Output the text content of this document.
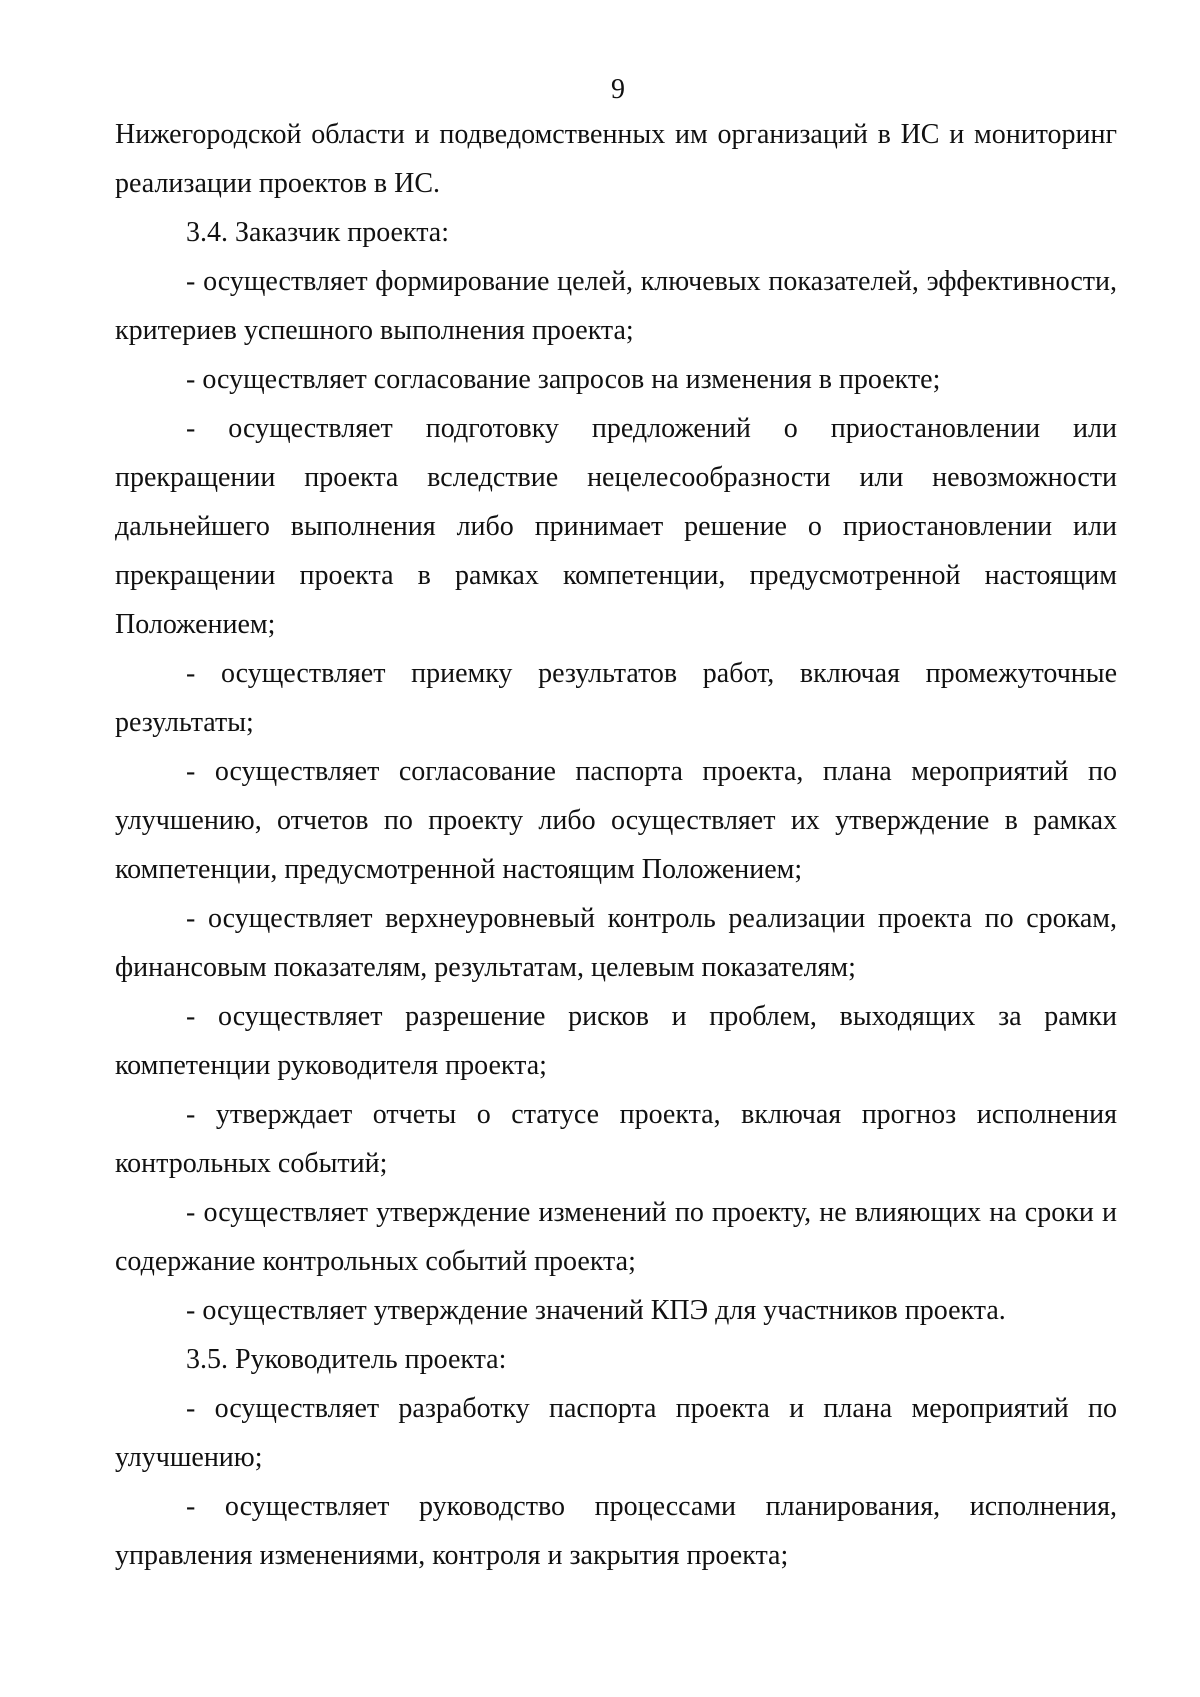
9

Нижегородской области и подведомственных им организаций в ИС и мониторинг реализации проектов в ИС.

3.4. Заказчик проекта:

- осуществляет формирование целей, ключевых показателей, эффективности, критериев успешного выполнения проекта;

- осуществляет согласование запросов на изменения в проекте;

- осуществляет подготовку предложений о приостановлении или прекращении проекта вследствие нецелесообразности или невозможности дальнейшего выполнения либо принимает решение о приостановлении или прекращении проекта в рамках компетенции, предусмотренной настоящим Положением;

- осуществляет приемку результатов работ, включая промежуточные результаты;

- осуществляет согласование паспорта проекта, плана мероприятий по улучшению, отчетов по проекту либо осуществляет их утверждение в рамках компетенции, предусмотренной настоящим Положением;

- осуществляет верхнеуровневый контроль реализации проекта по срокам, финансовым показателям, результатам, целевым показателям;

- осуществляет разрешение рисков и проблем, выходящих за рамки компетенции руководителя проекта;

- утверждает отчеты о статусе проекта, включая прогноз исполнения контрольных событий;

- осуществляет утверждение изменений по проекту, не влияющих на сроки и содержание контрольных событий проекта;

- осуществляет утверждение значений КПЭ для участников проекта.

3.5. Руководитель проекта:

- осуществляет разработку паспорта проекта и плана мероприятий по улучшению;

- осуществляет руководство процессами планирования, исполнения, управления изменениями, контроля и закрытия проекта;
